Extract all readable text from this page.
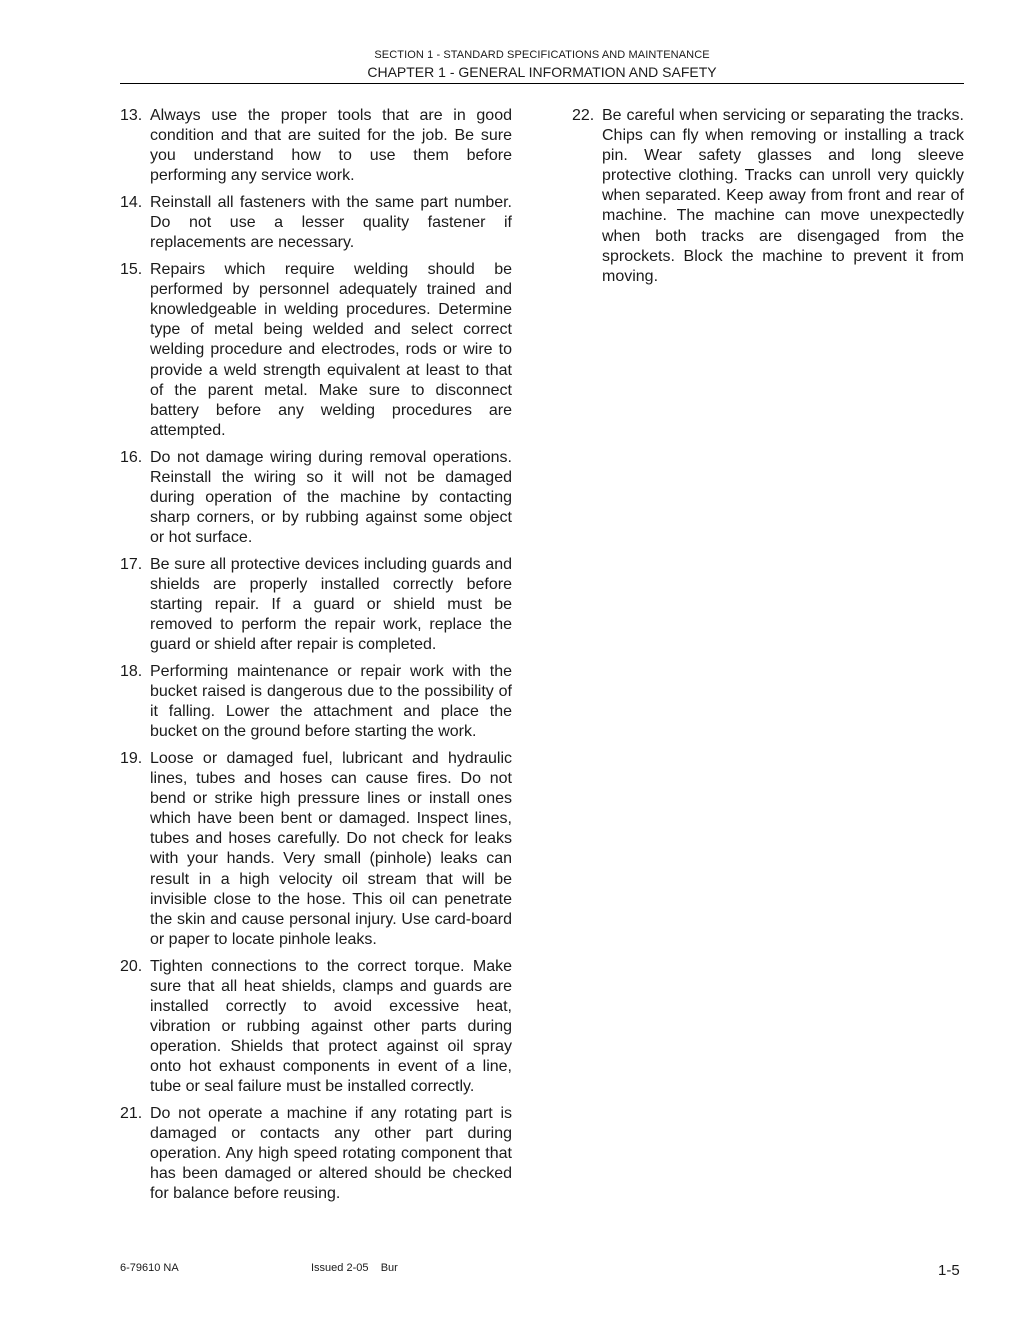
SECTION 1 - STANDARD SPECIFICATIONS AND MAINTENANCE
CHAPTER 1 - GENERAL INFORMATION AND SAFETY
13. Always use the proper tools that are in good condition and that are suited for the job. Be sure you understand how to use them before performing any service work.
14. Reinstall all fasteners with the same part number. Do not use a lesser quality fastener if replacements are necessary.
15. Repairs which require welding should be performed by personnel adequately trained and knowledgeable in welding procedures. Determine type of metal being welded and select correct welding procedure and electrodes, rods or wire to provide a weld strength equivalent at least to that of the parent metal. Make sure to disconnect battery before any welding procedures are attempted.
16. Do not damage wiring during removal operations. Reinstall the wiring so it will not be damaged during operation of the machine by contacting sharp corners, or by rubbing against some object or hot surface.
17. Be sure all protective devices including guards and shields are properly installed correctly before starting repair. If a guard or shield must be removed to perform the repair work, replace the guard or shield after repair is completed.
18. Performing maintenance or repair work with the bucket raised is dangerous due to the possibility of it falling. Lower the attachment and place the bucket on the ground before starting the work.
19. Loose or damaged fuel, lubricant and hydraulic lines, tubes and hoses can cause fires. Do not bend or strike high pressure lines or install ones which have been bent or damaged. Inspect lines, tubes and hoses carefully. Do not check for leaks with your hands. Very small (pinhole) leaks can result in a high velocity oil stream that will be invisible close to the hose. This oil can penetrate the skin and cause personal injury. Use card-board or paper to locate pinhole leaks.
20. Tighten connections to the correct torque. Make sure that all heat shields, clamps and guards are installed correctly to avoid excessive heat, vibration or rubbing against other parts during operation. Shields that protect against oil spray onto hot exhaust components in event of a line, tube or seal failure must be installed correctly.
21. Do not operate a machine if any rotating part is damaged or contacts any other part during operation. Any high speed rotating component that has been damaged or altered should be checked for balance before reusing.
22. Be careful when servicing or separating the tracks. Chips can fly when removing or installing a track pin. Wear safety glasses and long sleeve protective clothing. Tracks can unroll very quickly when separated. Keep away from front and rear of machine. The machine can move unexpectedly when both tracks are disengaged from the sprockets. Block the machine to prevent it from moving.
6-79610 NA	Issued 2-05    Bur	1-5
